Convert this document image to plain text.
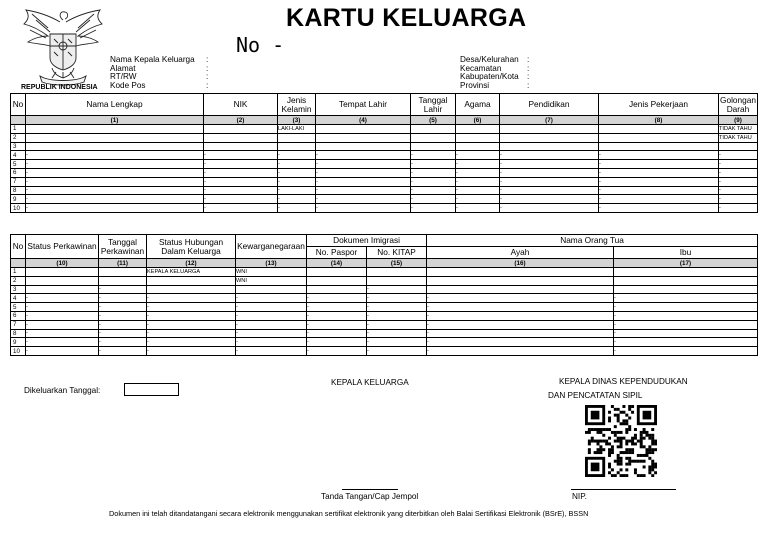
REPUBLIK INDONESIA
KARTU KELUARGA
No -
Nama Kepala Keluarga
Alamat
RT/RW
Kode Pos
:
:
:
:
Desa/Kelurahan
Kecamatan
Kabupaten/Kota
Provinsi
:
:
:
:
No	Nama Lengkap	NIK	Jenis Kelamin	Tempat Lahir	Tanggal Lahir	Agama	Pendidikan	Jenis Pekerjaan	Golongan Darah
	(1)	(2)	(3)	(4)	(5)	(6)	(7)	(8)	(9)
1			LAKI-LAKI						TIDAK TAHU
2									TIDAK TAHU
3									
4	-	-	-	-	-	-	-	-	-
5	-	-	-	-	-	-	-	-	-
6	-	-	-	-	-	-	-	-	-
7	-	-	-	-	-	-	-	-	-
8	-	-	-	-	-	-	-	-	-
9	-	-	-	-	-	-	-	-	-
10	-	-	-	-	-	-	-	-	-
No	Status Perkawinan	Tanggal Perkawinan	Status Hubungan Dalam Keluarga	Kewarganegaraan	Dokumen Imigrasi		Nama Orang Tua	
					No. Paspor	No. KITAP	Ayah	Ibu
	(10)	(11)	(12)	(13)	(14)	(15)	(16)	(17)
1			KEPALA KELUARGA	WNI				
2				WNI				
3		-				-		
4	-	-	-	-	-	-	-	-
5	-	-	-	-	-	-	-	-
6	-	-	-	-	-	-	-	-
7	-	-	-	-	-	-	-	-
8	-	-	-	-	-	-	-	-
9	-	-	-	-	-	-	-	-
10	-	-	-	-	-	-	-	-
Dikeluarkan Tanggal:
KEPALA KELUARGA	KEPALA DINAS KEPENDUDUKAN
DAN PENCATATAN SIPIL
Tanda Tangan/Cap Jempol	NIP.
Dokumen ini telah ditandatangani secara elektronik menggunakan sertifikat elektronik yang diterbitkan oleh Balai Sertifikasi Elektronik (BSrE), BSSN
